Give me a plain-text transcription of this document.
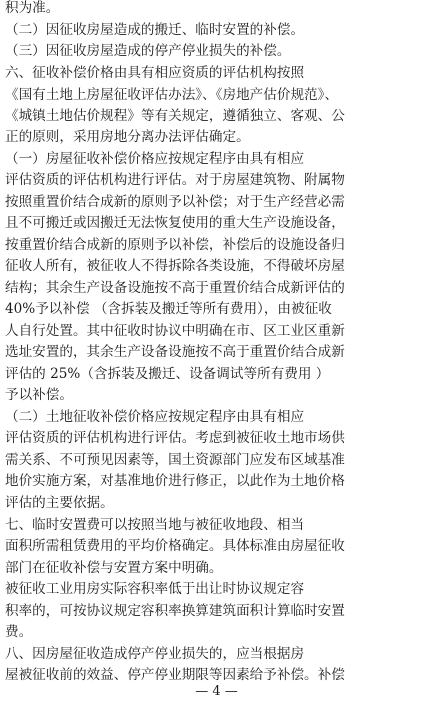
积为准。
（二）因征收房屋造成的搬迁、临时安置的补偿。
（三）因征收房屋造成的停产停业损失的补偿。
六、征收补偿价格由具有相应资质的评估机构按照
《国有土地上房屋征收评估办法》、《房地产估价规范》、
《城镇土地估价规程》等有关规定，遵循独立、客观、公
正的原则，采用房地分离办法评估确定。
（一）房屋征收补偿价格应按规定程序由具有相应
评估资质的评估机构进行评估。对于房屋建筑物、附属物
按照重置价结合成新的原则予以补偿；对于生产经营必需
且不可搬迁或因搬迁无法恢复使用的重大生产设施设备，
按重置价结合成新的原则予以补偿，补偿后的设施设备归
征收人所有，被征收人不得拆除各类设施，不得破坏房屋
结构；其余生产设备设施按不高于重置价结合成新评估的
40%予以补偿 （含拆装及搬迁等所有费用），由被征收
人自行处置。其中征收时协议中明确在市、区工业区重新
选址安置的，其余生产设备设施按不高于重置价结合成新
评估的 25%（含拆装及搬迁、设备调试等所有费用 ）
予以补偿。
（二）土地征收补偿价格应按规定程序由具有相应
评估资质的评估机构进行评估。考虑到被征收土地市场供
需关系、不可预见因素等，国土资源部门应发布区域基准
地价实施方案，对基准地价进行修正，以此作为土地价格
评估的主要依据。
七、临时安置费可以按照当地与被征收地段、相当
面积所需租赁费用的平均价格确定。具体标准由房屋征收
部门在征收补偿与安置方案中明确。
被征收工业用房实际容积率低于出让时协议规定容
积率的，可按协议规定容积率换算建筑面积计算临时安置
费。
八、因房屋征收造成停产停业损失的，应当根据房
屋被征收前的效益、停产停业期限等因素给予补偿。补偿
— 4 —
